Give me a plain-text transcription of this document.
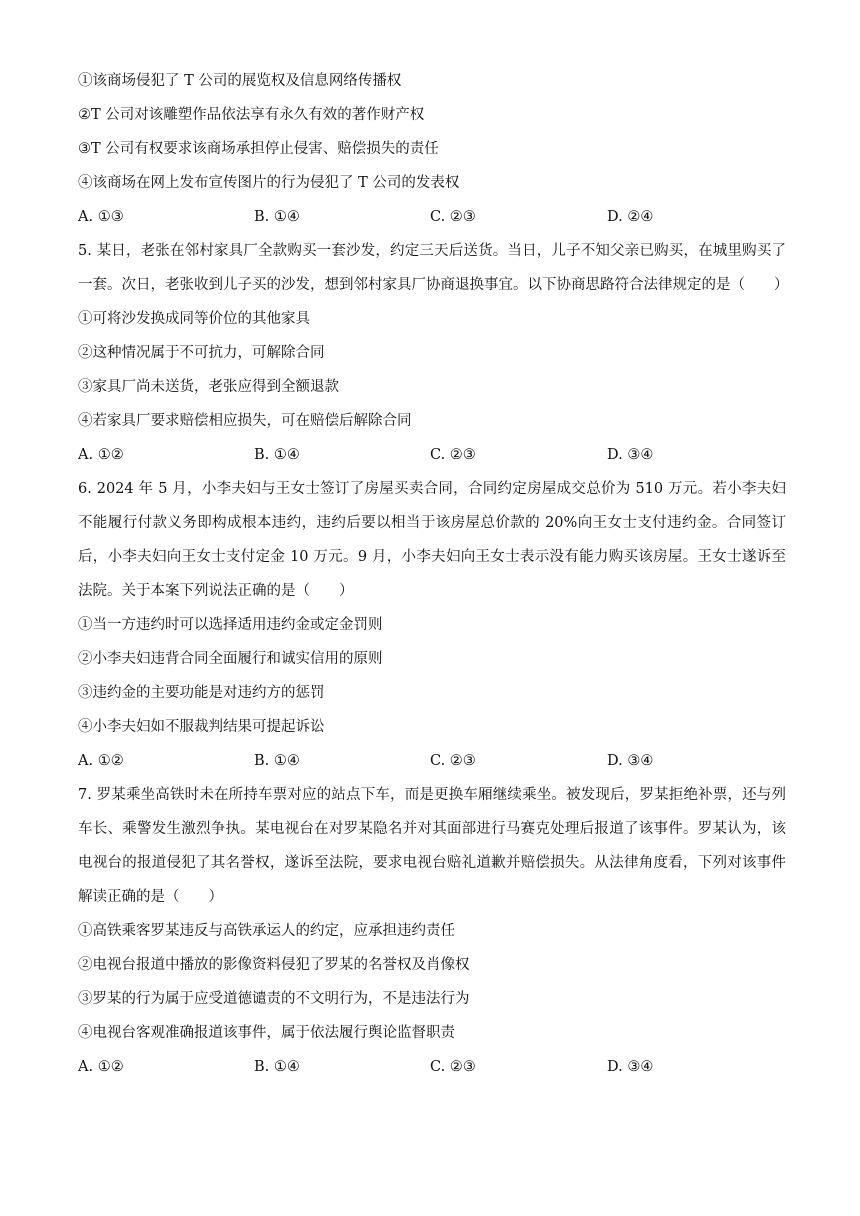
①该商场侵犯了 T 公司的展览权及信息网络传播权
②T 公司对该雕塑作品依法享有永久有效的著作财产权
③T 公司有权要求该商场承担停止侵害、赔偿损失的责任
④该商场在网上发布宣传图片的行为侵犯了 T 公司的发表权
A. ①③	B. ①④	C. ②③	D. ②④
5. 某日，老张在邻村家具厂全款购买一套沙发，约定三天后送货。当日，儿子不知父亲已购买，在城里购买了一套。次日，老张收到儿子买的沙发，想到邻村家具厂协商退换事宜。以下协商思路符合法律规定的是（　　）
①可将沙发换成同等价位的其他家具
②这种情况属于不可抗力，可解除合同
③家具厂尚未送货，老张应得到全额退款
④若家具厂要求赔偿相应损失，可在赔偿后解除合同
A. ①②	B. ①④	C. ②③	D. ③④
6. 2024 年 5 月，小李夫妇与王女士签订了房屋买卖合同，合同约定房屋成交总价为 510 万元。若小李夫妇不能履行付款义务即构成根本违约，违约后要以相当于该房屋总价款的 20%向王女士支付违约金。合同签订后，小李夫妇向王女士支付定金 10 万元。9 月，小李夫妇向王女士表示没有能力购买该房屋。王女士遂诉至法院。关于本案下列说法正确的是（　　）
①当一方违约时可以选择适用违约金或定金罚则
②小李夫妇违背合同全面履行和诚实信用的原则
③违约金的主要功能是对违约方的惩罚
④小李夫妇如不服裁判结果可提起诉讼
A. ①②	B. ①④	C. ②③	D. ③④
7. 罗某乘坐高铁时未在所持车票对应的站点下车，而是更换车厢继续乘坐。被发现后，罗某拒绝补票，还与列车长、乘警发生激烈争执。某电视台在对罗某隐名并对其面部进行马赛克处理后报道了该事件。罗某认为，该电视台的报道侵犯了其名誉权，遂诉至法院，要求电视台赔礼道歉并赔偿损失。从法律角度看，下列对该事件解读正确的是（　　）
①高铁乘客罗某违反与高铁承运人的约定，应承担违约责任
②电视台报道中播放的影像资料侵犯了罗某的名誉权及肖像权
③罗某的行为属于应受道德谴责的不文明行为，不是违法行为
④电视台客观准确报道该事件，属于依法履行舆论监督职责
A. ①②	B. ①④	C. ②③	D. ③④
